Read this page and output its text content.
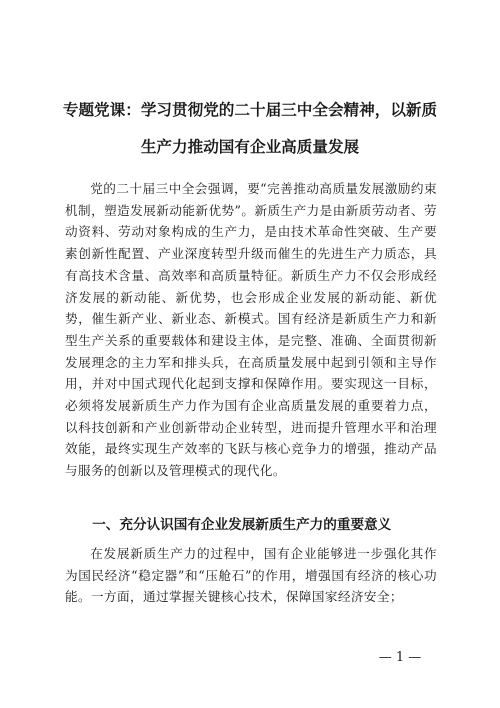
专题党课：学习贯彻党的二十届三中全会精神，以新质
生产力推动国有企业高质量发展

党的二十届三中全会强调，要“完善推动高质量发展激励约束机制，塑造发展新动能新优势”。新质生产力是由新质劳动者、劳动资料、劳动对象构成的生产力，是由技术革命性突破、生产要素创新性配置、产业深度转型升级而催生的先进生产力质态，具有高技术含量、高效率和高质量特征。新质生产力不仅会形成经济发展的新动能、新优势，也会形成企业发展的新动能、新优势，催生新产业、新业态、新模式。国有经济是新质生产力和新型生产关系的重要载体和建设主体，是完整、准确、全面贯彻新发展理念的主力军和排头兵，在高质量发展中起到引领和主导作用，并对中国式现代化起到支撑和保障作用。要实现这一目标，必须将发展新质生产力作为国有企业高质量发展的重要着力点，以科技创新和产业创新带动企业转型，进而提升管理水平和治理效能，最终实现生产效率的飞跃与核心竞争力的增强，推动产品与服务的创新以及管理模式的现代化。

一、充分认识国有企业发展新质生产力的重要意义

在发展新质生产力的过程中，国有企业能够进一步强化其作为国民经济“稳定器”和“压舱石”的作用，增强国有经济的核心功能。一方面，通过掌握关键核心技术，保障国家经济安全；

— 1 —
